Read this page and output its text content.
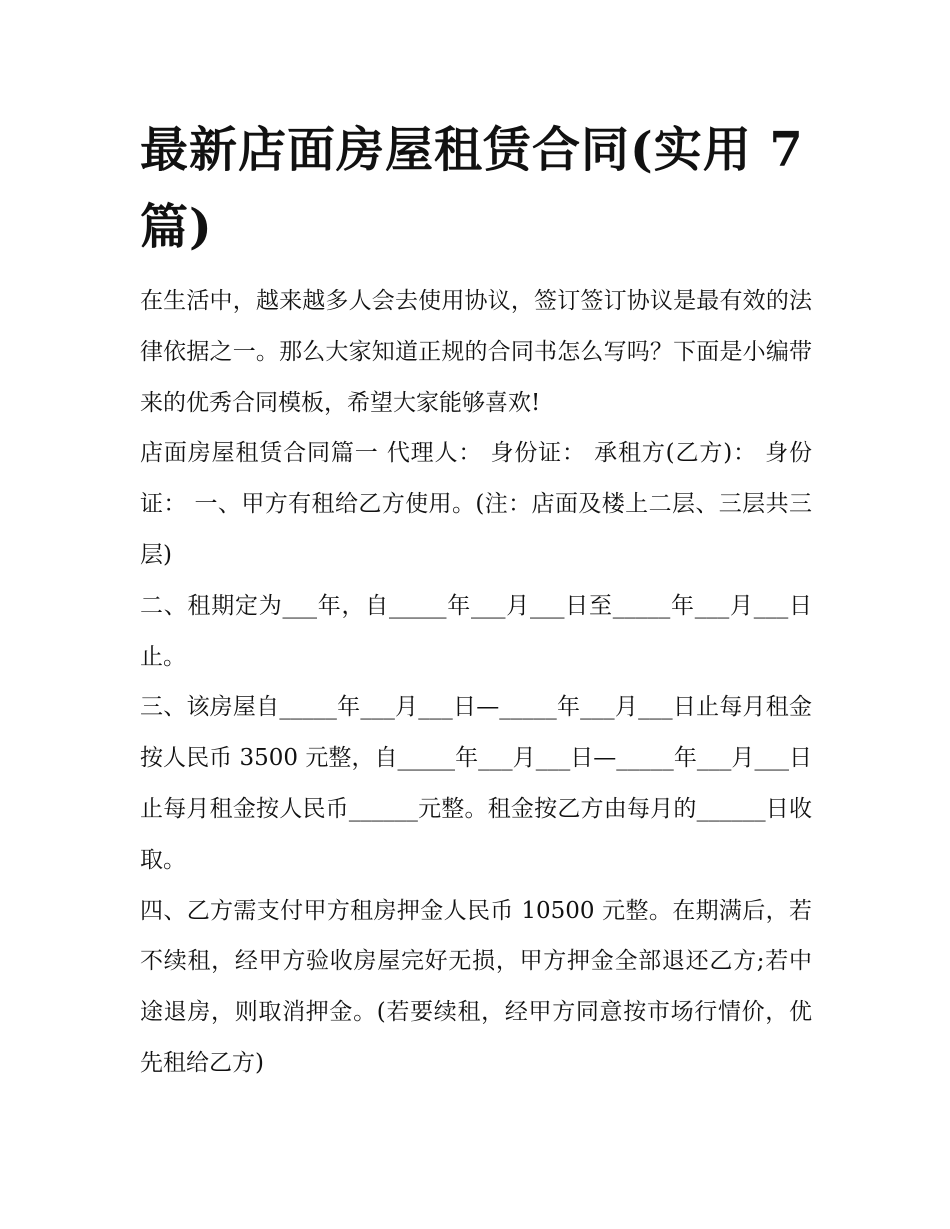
最新店面房屋租赁合同(实用 7 篇)

在生活中，越来越多人会去使用协议，签订签订协议是最有效的法律依据之一。那么大家知道正规的合同书怎么写吗？下面是小编带来的优秀合同模板，希望大家能够喜欢!

店面房屋租赁合同篇一 代理人： 身份证： 承租方(乙方)： 身份证： 一、甲方有租给乙方使用。(注：店面及楼上二层、三层共三层)

二、租期定为___年，自_____年___月___日至_____年___月___日止。

三、该房屋自_____年___月___日—_____年___月___日止每月租金按人民币 3500 元整，自_____年___月___日—_____年___月___日止每月租金按人民币______元整。租金按乙方由每月的______日收取。

四、乙方需支付甲方租房押金人民币 10500 元整。在期满后，若不续租，经甲方验收房屋完好无损，甲方押金全部退还乙方;若中途退房，则取消押金。(若要续租，经甲方同意按市场行情价，优先租给乙方)
